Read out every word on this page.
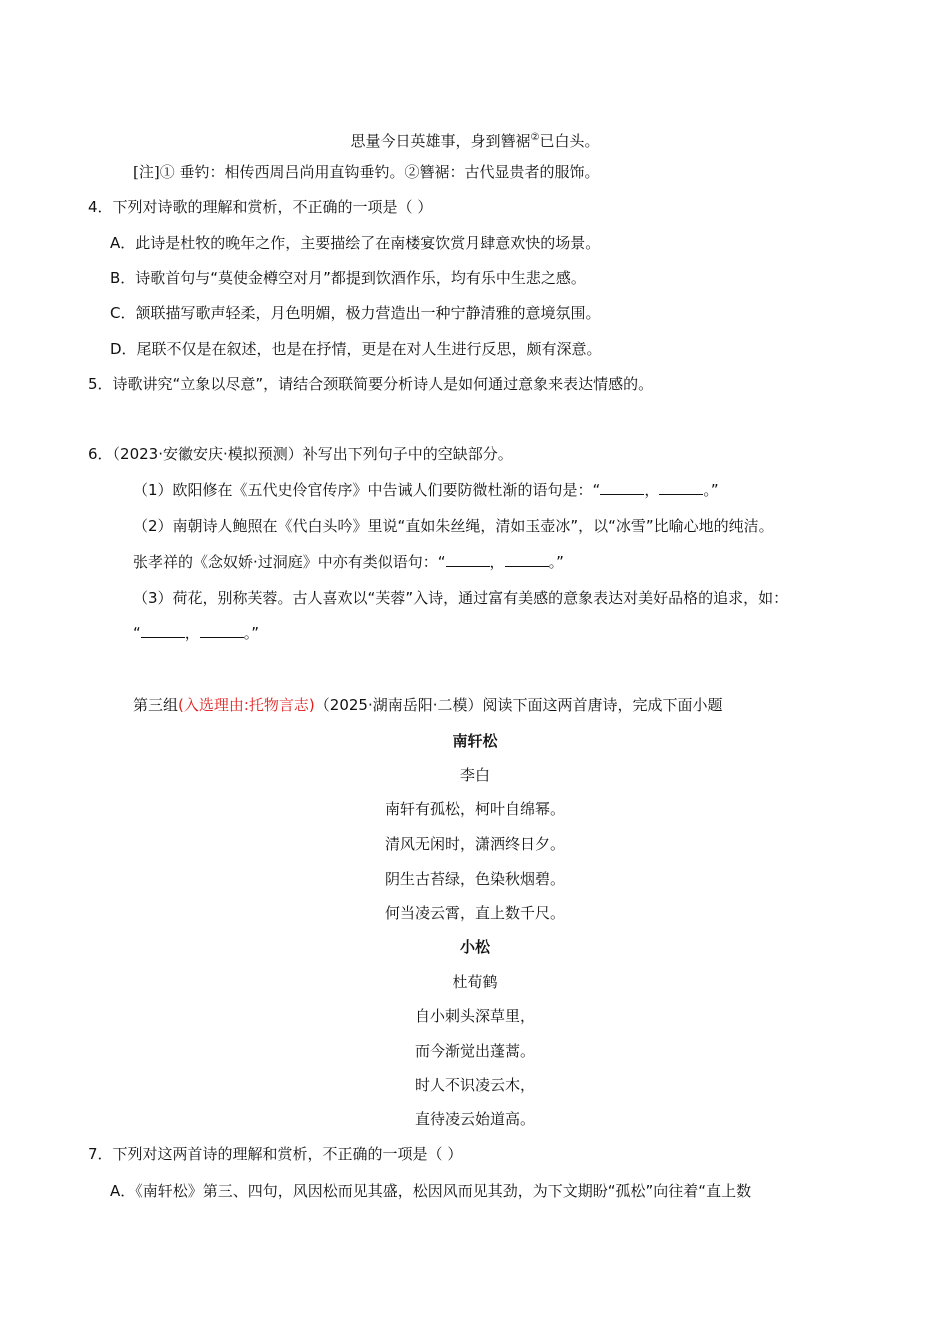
思量今日英雄事，身到簪裾②已白头。
[注]① 垂钓：相传西周吕尚用直钩垂钓。②簪裾：古代显贵者的服饰。
4．下列对诗歌的理解和赏析，不正确的一项是（ ）
A．此诗是杜牧的晚年之作，主要描绘了在南楼宴饮赏月肆意欢快的场景。
B．诗歌首句与“莫使金樽空对月”都提到饮酒作乐，均有乐中生悲之感。
C．颔联描写歌声轻柔，月色明媚，极力营造出一种宁静清雅的意境氛围。
D．尾联不仅是在叙述，也是在抒情，更是在对人生进行反思，颇有深意。
5．诗歌讲究“立象以尽意”，请结合颈联简要分析诗人是如何通过意象来表达情感的。
6．（2023·安徽安庆·模拟预测）补写出下列句子中的空缺部分。
（1）欧阳修在《五代史伶官传序》中告诫人们要防微杜渐的语句是：“	，	。”
（2）南朝诗人鲍照在《代白头吟》里说“直如朱丝绳，清如玉壶冰”，以“冰雪”比喻心地的纯洁。
张孝祥的《念奴娇·过洞庭》中亦有类似语句：“	，	。”
（3）荷花，别称芙蓉。古人喜欢以“芙蓉”入诗，通过富有美感的意象表达对美好品格的追求，如：
“	，	。”
第三组(入选理由:托物言志)（2025·湖南岳阳·二模）阅读下面这两首唐诗，完成下面小题
南轩松
李白
南轩有孤松，柯叶自绵幂。
清风无闲时，潇洒终日夕。
阴生古苔绿，色染秋烟碧。
何当凌云霄，直上数千尺。
小松
杜荀鹤
自小刺头深草里，
而今渐觉出蓬蒿。
时人不识凌云木，
直待凌云始道高。
7．下列对这两首诗的理解和赏析，不正确的一项是（ ）
A．《南轩松》第三、四句，风因松而见其盛，松因风而见其劲，为下文期盼“孤松”向往着“直上数
